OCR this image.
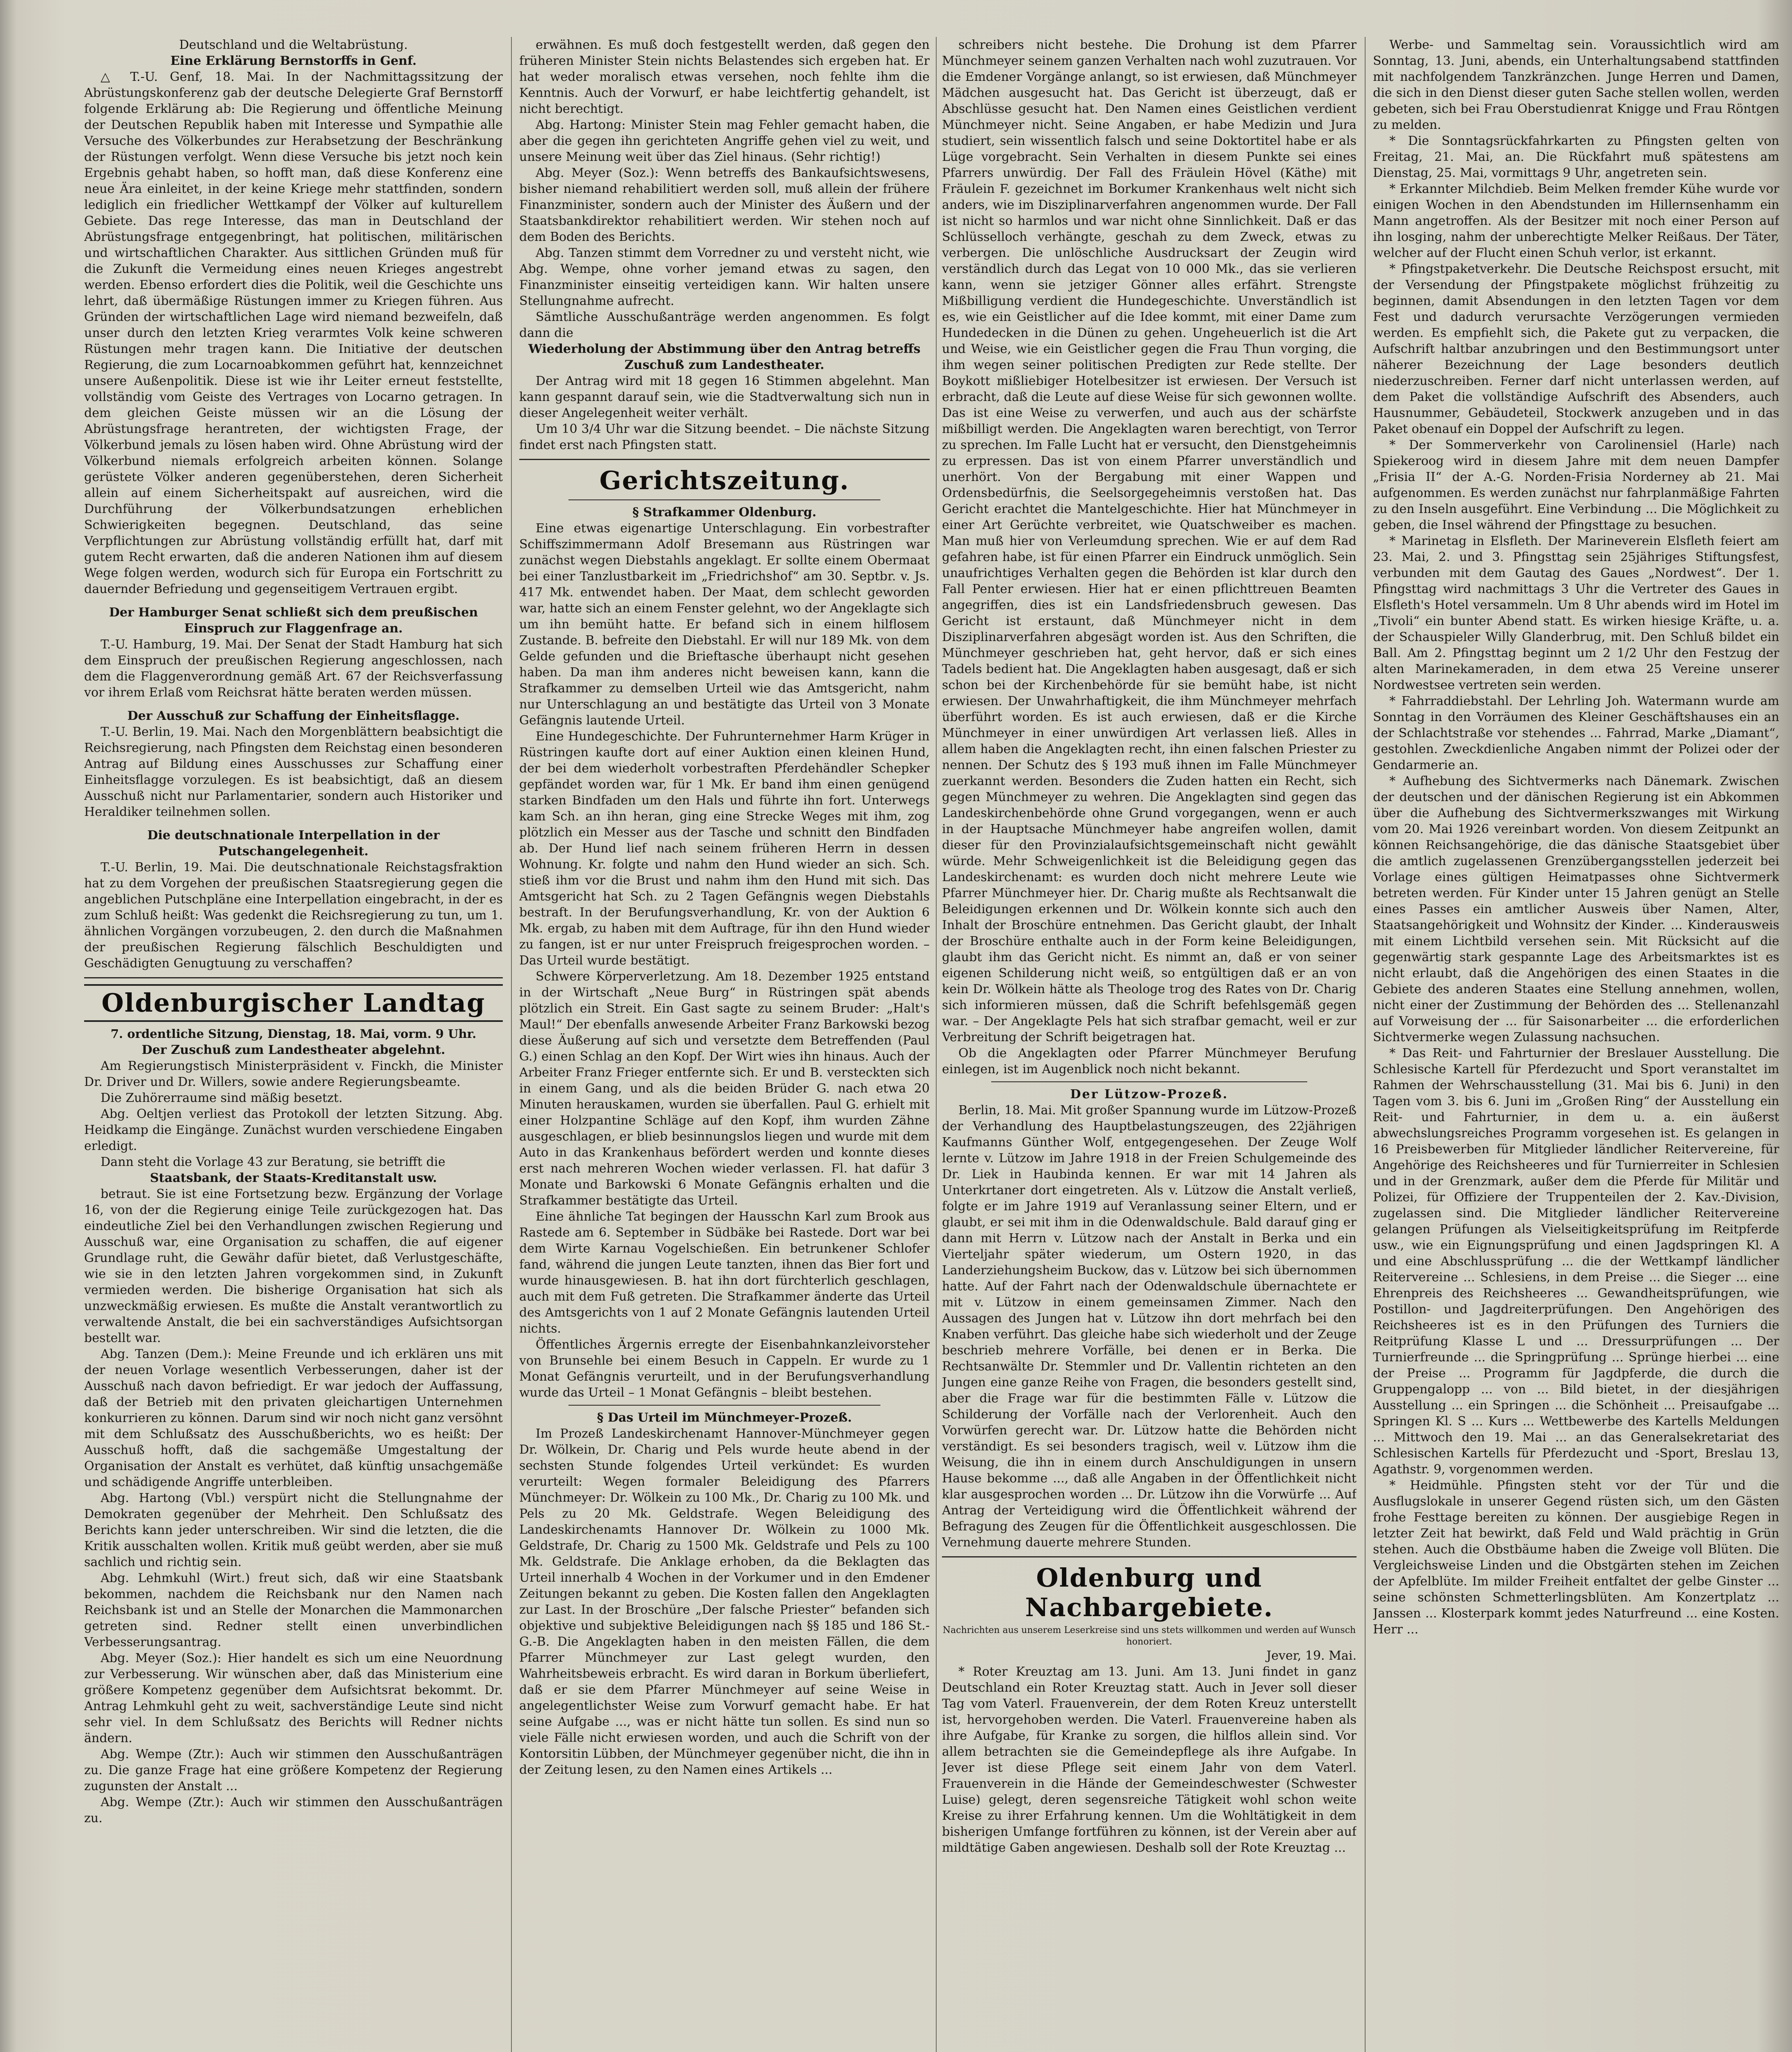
Deutschland und die Weltabrüstung.

Eine Erklärung Bernstorffs in Genf.

△ T.-U. Genf, 18. Mai. In der Nachmittagssitzung der Abrüstungskonferenz gab der deutsche Delegierte Graf Bernstorff folgende Erklärung ab: Die Regierung und öffentliche Meinung der Deutschen Republik haben mit Interesse und Sympathie alle Versuche des Völkerbundes zur Herabsetzung der Beschränkung der Rüstungen verfolgt. Wenn diese Versuche bis jetzt noch kein Ergebnis gehabt haben, so hofft man, daß diese Konferenz eine neue Ära einleitet, in der keine Kriege mehr stattfinden, sondern lediglich ein friedlicher Wettkampf der Völker auf kulturellem Gebiete. Das rege Interesse, das man in Deutschland der Abrüstungsfrage entgegenbringt, hat politischen, militärischen und wirtschaftlichen Charakter. Aus sittlichen Gründen muß für die Zukunft die Vermeidung eines neuen Krieges angestrebt werden. Ebenso erfordert dies die Politik, weil die Geschichte uns lehrt, daß übermäßige Rüstungen immer zu Kriegen führen. Aus Gründen der wirtschaftlichen Lage wird niemand bezweifeln, daß unser durch den letzten Krieg verarmtes Volk keine schweren Rüstungen mehr tragen kann. Die Initiative der deutschen Regierung, die zum Locarnoabkommen geführt hat, kennzeichnet unsere Außenpolitik. Diese ist wie ihr Leiter erneut feststellte, vollständig vom Geiste des Vertrages von Locarno getragen. In dem gleichen Geiste müssen wir an die Lösung der Abrüstungsfrage herantreten, der wichtigsten Frage, der Völkerbund jemals zu lösen haben wird. Ohne Abrüstung wird der Völkerbund niemals erfolgreich arbeiten können. Solange gerüstete Völker anderen gegenüberstehen, deren Sicherheit allein auf einem Sicherheitspakt auf ausreichen, wird die Durchführung der Völkerbundsatzungen erheblichen Schwierigkeiten begegnen. Deutschland, das seine Verpflichtungen zur Abrüstung vollständig erfüllt hat, darf mit gutem Recht erwarten, daß die anderen Nationen ihm auf diesem Wege folgen werden, wodurch sich für Europa ein Fortschritt zu dauernder Befriedung und gegenseitigem Vertrauen ergibt.

Der Hamburger Senat schließt sich dem preußischen Einspruch zur Flaggenfrage an.

T.-U. Hamburg, 19. Mai. Der Senat der Stadt Hamburg hat sich dem Einspruch der preußischen Regierung angeschlossen, nach dem die Flaggenverordnung gemäß Art. 67 der Reichsverfassung vor ihrem Erlaß vom Reichsrat hätte beraten werden müssen.

Der Ausschuß zur Schaffung der Einheitsflagge.

T.-U. Berlin, 19. Mai. Nach den Morgenblättern beabsichtigt die Reichsregierung, nach Pfingsten dem Reichstag einen besonderen Antrag auf Bildung eines Ausschusses zur Schaffung einer Einheitsflagge vorzulegen. Es ist beabsichtigt, daß an diesem Ausschuß nicht nur Parlamentarier, sondern auch Historiker und Heraldiker teilnehmen sollen.

Die deutschnationale Interpellation in der Putschangelegenheit.

T.-U. Berlin, 19. Mai. Die deutschnationale Reichstagsfraktion hat zu dem Vorgehen der preußischen Staatsregierung gegen die angeblichen Putschpläne eine Interpellation eingebracht, in der es zum Schluß heißt: Was gedenkt die Reichsregierung zu tun, um 1. ähnlichen Vorgängen vorzubeugen, 2. den durch die Maßnahmen der preußischen Regierung fälschlich Beschuldigten und Geschädigten Genugtuung zu verschaffen?

Oldenburgischer Landtag

7. ordentliche Sitzung, Dienstag, 18. Mai, vorm. 9 Uhr.

Der Zuschuß zum Landestheater abgelehnt.

Am Regierungstisch Ministerpräsident v. Finckh, die Minister Dr. Driver und Dr. Willers, sowie andere Regierungsbeamte.

Die Zuhörerraume sind mäßig besetzt.

Abg. Oeltjen verliest das Protokoll der letzten Sitzung. Abg. Heidkamp die Eingänge. Zunächst wurden verschiedene Eingaben erledigt.

Dann steht die Vorlage 43 zur Beratung, sie betrifft die

Staatsbank, der Staats-Kreditanstalt usw.

betraut. Sie ist eine Fortsetzung bezw. Ergänzung der Vorlage 16, von der die Regierung einige Teile zurückgezogen hat. Das eindeutliche Ziel bei den Verhandlungen zwischen Regierung und Ausschuß war, eine Organisation zu schaffen, die auf eigener Grundlage ruht, die Gewähr dafür bietet, daß Verlustgeschäfte, wie sie in den letzten Jahren vorgekommen sind, in Zukunft vermieden werden. Die bisherige Organisation hat sich als unzweckmäßig erwiesen. Es mußte die Anstalt verantwortlich zu verwaltende Anstalt, die bei ein sachverständiges Aufsichtsorgan bestellt war.

Abg. Tanzen (Dem.): Meine Freunde und ich erklären uns mit der neuen Vorlage wesentlich Verbesserungen, daher ist der Ausschuß nach davon befriedigt. Er war jedoch der Auffassung, daß der Betrieb mit den privaten gleichartigen Unternehmen konkurrieren zu können. Darum sind wir noch nicht ganz versöhnt mit dem Schlußsatz des Ausschußberichts, wo es heißt: Der Ausschuß hofft, daß die sachgemäße Umgestaltung der Organisation der Anstalt es verhütet, daß künftig unsachgemäße und schädigende Angriffe unterbleiben.

Abg. Hartong (Vbl.) verspürt nicht die Stellungnahme der Demokraten gegenüber der Mehrheit. Den Schlußsatz des Berichts kann jeder unterschreiben. Wir sind die letzten, die die Kritik ausschalten wollen. Kritik muß geübt werden, aber sie muß sachlich und richtig sein.

Abg. Lehmkuhl (Wirt.) freut sich, daß wir eine Staatsbank bekommen, nachdem die Reichsbank nur den Namen nach Reichsbank ist und an Stelle der Monarchen die Mammonarchen getreten sind. Redner stellt einen unverbindlichen Verbesserungsantrag.

Abg. Meyer (Soz.): Hier handelt es sich um eine Neuordnung zur Verbesserung. Wir wünschen aber, daß das Ministerium eine größere Kompetenz gegenüber dem Aufsichtsrat bekommt. Dr. Antrag Lehmkuhl geht zu weit, sachverständige Leute sind nicht sehr viel. In dem Schlußsatz des Berichts will Redner nichts ändern.

Abg. Wempe (Ztr.): Auch wir stimmen den Ausschußanträgen zu. Die ganze Frage hat eine größere Kompetenz der Regierung zugunsten der Anstalt ...

Abg. Wempe (Ztr.): Auch wir stimmen den Ausschußanträgen zu.

erwähnen. Es muß doch festgestellt werden, daß gegen den früheren Minister Stein nichts Belastendes sich ergeben hat. Er hat weder moralisch etwas versehen, noch fehlte ihm die Kenntnis. Auch der Vorwurf, er habe leichtfertig gehandelt, ist nicht berechtigt.

Abg. Hartong: Minister Stein mag Fehler gemacht haben, die aber die gegen ihn gerichteten Angriffe gehen viel zu weit, und unsere Meinung weit über das Ziel hinaus. (Sehr richtig!)

Abg. Meyer (Soz.): Wenn betreffs des Bankaufsichtswesens, bisher niemand rehabilitiert werden soll, muß allein der frühere Finanzminister, sondern auch der Minister des Äußern und der Staatsbankdirektor rehabilitiert werden. Wir stehen noch auf dem Boden des Berichts.

Abg. Tanzen stimmt dem Vorredner zu und versteht nicht, wie Abg. Wempe, ohne vorher jemand etwas zu sagen, den Finanzminister einseitig verteidigen kann. Wir halten unsere Stellungnahme aufrecht.

Sämtliche Ausschußanträge werden angenommen. Es folgt dann die

Wiederholung der Abstimmung über den Antrag betreffs Zuschuß zum Landestheater.

Der Antrag wird mit 18 gegen 16 Stimmen abgelehnt. Man kann gespannt darauf sein, wie die Stadtverwaltung sich nun in dieser Angelegenheit weiter verhält.

Um 10 3/4 Uhr war die Sitzung beendet. – Die nächste Sitzung findet erst nach Pfingsten statt.

Gerichtszeitung.

§ Strafkammer Oldenburg.

Eine etwas eigenartige Unterschlagung. Ein vorbestrafter Schiffszimmermann Adolf Bresemann aus Rüstringen war zunächst wegen Diebstahls angeklagt. Er sollte einem Obermaat bei einer Tanzlustbarkeit im „Friedrichshof“ am 30. Septbr. v. Js. 417 Mk. entwendet haben. Der Maat, dem schlecht geworden war, hatte sich an einem Fenster gelehnt, wo der Angeklagte sich um ihn bemüht hatte. Er befand sich in einem hilflosem Zustande. B. befreite den Diebstahl. Er will nur 189 Mk. von dem Gelde gefunden und die Brieftasche überhaupt nicht gesehen haben. Da man ihm anderes nicht beweisen kann, kann die Strafkammer zu demselben Urteil wie das Amtsgericht, nahm nur Unterschlagung an und bestätigte das Urteil von 3 Monate Gefängnis lautende Urteil.

Eine Hundegeschichte. Der Fuhrunternehmer Harm Krüger in Rüstringen kaufte dort auf einer Auktion einen kleinen Hund, der bei dem wiederholt vorbestraften Pferdehändler Schepker gepfändet worden war, für 1 Mk. Er band ihm einen genügend starken Bindfaden um den Hals und führte ihn fort. Unterwegs kam Sch. an ihn heran, ging eine Strecke Weges mit ihm, zog plötzlich ein Messer aus der Tasche und schnitt den Bindfaden ab. Der Hund lief nach seinem früheren Herrn in dessen Wohnung. Kr. folgte und nahm den Hund wieder an sich. Sch. stieß ihm vor die Brust und nahm ihm den Hund mit sich. Das Amtsgericht hat Sch. zu 2 Tagen Gefängnis wegen Diebstahls bestraft. In der Berufungsverhandlung, Kr. von der Auktion 6 Mk. ergab, zu haben mit dem Auftrage, für ihn den Hund wieder zu fangen, ist er nur unter Freispruch freigesprochen worden. – Das Urteil wurde bestätigt.

Schwere Körperverletzung. Am 18. Dezember 1925 entstand in der Wirtschaft „Neue Burg“ in Rüstringen spät abends plötzlich ein Streit. Ein Gast sagte zu seinem Bruder: „Halt's Maul!“ Der ebenfalls anwesende Arbeiter Franz Barkowski bezog diese Äußerung auf sich und versetzte dem Betreffenden (Paul G.) einen Schlag an den Kopf. Der Wirt wies ihn hinaus. Auch der Arbeiter Franz Frieger entfernte sich. Er und B. versteckten sich in einem Gang, und als die beiden Brüder G. nach etwa 20 Minuten herauskamen, wurden sie überfallen. Paul G. erhielt mit einer Holzpantine Schläge auf den Kopf, ihm wurden Zähne ausgeschlagen, er blieb besinnungslos liegen und wurde mit dem Auto in das Krankenhaus befördert werden und konnte dieses erst nach mehreren Wochen wieder verlassen. Fl. hat dafür 3 Monate und Barkowski 6 Monate Gefängnis erhalten und die Strafkammer bestätigte das Urteil.

Eine ähnliche Tat begingen der Hausschn Karl zum Brook aus Rastede am 6. September in Südbäke bei Rastede. Dort war bei dem Wirte Karnau Vogelschießen. Ein betrunkener Schlofer fand, während die jungen Leute tanzten, ihnen das Bier fort und wurde hinausgewiesen. B. hat ihn dort fürchterlich geschlagen, auch mit dem Fuß getreten. Die Strafkammer änderte das Urteil des Amtsgerichts von 1 auf 2 Monate Gefängnis lautenden Urteil nichts.

Öffentliches Ärgernis erregte der Eisenbahnkanzleivorsteher von Brunsehle bei einem Besuch in Cappeln. Er wurde zu 1 Monat Gefängnis verurteilt, und in der Berufungsverhandlung wurde das Urteil – 1 Monat Gefängnis – bleibt bestehen.

§ Das Urteil im Münchmeyer-Prozeß.

Im Prozeß Landeskirchenamt Hannover-Münchmeyer gegen Dr. Wölkein, Dr. Charig und Pels wurde heute abend in der sechsten Stunde folgendes Urteil verkündet: Es wurden verurteilt: Wegen formaler Beleidigung des Pfarrers Münchmeyer: Dr. Wölkein zu 100 Mk., Dr. Charig zu 100 Mk. und Pels zu 20 Mk. Geldstrafe. Wegen Beleidigung des Landeskirchenamts Hannover Dr. Wölkein zu 1000 Mk. Geldstrafe, Dr. Charig zu 1500 Mk. Geldstrafe und Pels zu 100 Mk. Geldstrafe. Die Anklage erhoben, da die Beklagten das Urteil innerhalb 4 Wochen in der Vorkumer und in den Emdener Zeitungen bekannt zu geben. Die Kosten fallen den Angeklagten zur Last. In der Broschüre „Der falsche Priester“ befanden sich objektive und subjektive Beleidigungen nach §§ 185 und 186 St.-G.-B. Die Angeklagten haben in den meisten Fällen, die dem Pfarrer Münchmeyer zur Last gelegt wurden, den Wahrheitsbeweis erbracht. Es wird daran in Borkum überliefert, daß er sie dem Pfarrer Münchmeyer auf seine Weise in angelegentlichster Weise zum Vorwurf gemacht habe. Er hat seine Aufgabe ..., was er nicht hätte tun sollen. Es sind nun so viele Fälle nicht erwiesen worden, und auch die Schrift von der Kontorsitin Lübben, der Münchmeyer gegenüber nicht, die ihn in der Zeitung lesen, zu den Namen eines Artikels ...

schreibers nicht bestehe. Die Drohung ist dem Pfarrer Münchmeyer seinem ganzen Verhalten nach wohl zuzutrauen. Vor die Emdener Vorgänge anlangt, so ist erwiesen, daß Münchmeyer Mädchen ausgesucht hat. Das Gericht ist überzeugt, daß er Abschlüsse gesucht hat. Den Namen eines Geistlichen verdient Münchmeyer nicht. Seine Angaben, er habe Medizin und Jura studiert, sein wissentlich falsch und seine Doktortitel habe er als Lüge vorgebracht. Sein Verhalten in diesem Punkte sei eines Pfarrers unwürdig. Der Fall des Fräulein Hövel (Käthe) mit Fräulein F. gezeichnet im Borkumer Krankenhaus welt nicht sich anders, wie im Disziplinarverfahren angenommen wurde. Der Fall ist nicht so harmlos und war nicht ohne Sinnlichkeit. Daß er das Schlüsselloch verhängte, geschah zu dem Zweck, etwas zu verbergen. Die unlöschliche Ausdrucksart der Zeugin wird verständlich durch das Legat von 10 000 Mk., das sie verlieren kann, wenn sie jetziger Gönner alles erfährt. Strengste Mißbilligung verdient die Hundegeschichte. Unverständlich ist es, wie ein Geistlicher auf die Idee kommt, mit einer Dame zum Hundedecken in die Dünen zu gehen. Ungeheuerlich ist die Art und Weise, wie ein Geistlicher gegen die Frau Thun vorging, die ihm wegen seiner politischen Predigten zur Rede stellte. Der Boykott mißliebiger Hotelbesitzer ist erwiesen. Der Versuch ist erbracht, daß die Leute auf diese Weise für sich gewonnen wollte. Das ist eine Weise zu verwerfen, und auch aus der schärfste mißbilligt werden. Die Angeklagten waren berechtigt, von Terror zu sprechen. Im Falle Lucht hat er versucht, den Dienstgeheimnis zu erpressen. Das ist von einem Pfarrer unverständlich und unerhört. Von der Bergabung mit einer Wappen und Ordensbedürfnis, die Seelsorgegeheimnis verstoßen hat. Das Gericht erachtet die Mantelgeschichte. Hier hat Münchmeyer in einer Art Gerüchte verbreitet, wie Quatschweiber es machen. Man muß hier von Verleumdung sprechen. Wie er auf dem Rad gefahren habe, ist für einen Pfarrer ein Eindruck unmöglich. Sein unaufrichtiges Verhalten gegen die Behörden ist klar durch den Fall Penter erwiesen. Hier hat er einen pflichttreuen Beamten angegriffen, dies ist ein Landsfriedensbruch gewesen. Das Gericht ist erstaunt, daß Münchmeyer nicht in dem Disziplinarverfahren abgesägt worden ist. Aus den Schriften, die Münchmeyer geschrieben hat, geht hervor, daß er sich eines Tadels bedient hat. Die Angeklagten haben ausgesagt, daß er sich schon bei der Kirchenbehörde für sie bemüht habe, ist nicht erwiesen. Der Unwahrhaftigkeit, die ihm Münchmeyer mehrfach überführt worden. Es ist auch erwiesen, daß er die Kirche Münchmeyer in einer unwürdigen Art verlassen ließ. Alles in allem haben die Angeklagten recht, ihn einen falschen Priester zu nennen. Der Schutz des § 193 muß ihnen im Falle Münchmeyer zuerkannt werden. Besonders die Zuden hatten ein Recht, sich gegen Münchmeyer zu wehren. Die Angeklagten sind gegen das Landeskirchenbehörde ohne Grund vorgegangen, wenn er auch in der Hauptsache Münchmeyer habe angreifen wollen, damit dieser für den Provinzialaufsichtsgemeinschaft nicht gewählt würde. Mehr Schweigenlichkeit ist die Beleidigung gegen das Landeskirchenamt: es wurden doch nicht mehrere Leute wie Pfarrer Münchmeyer hier. Dr. Charig mußte als Rechtsanwalt die Beleidigungen erkennen und Dr. Wölkein konnte sich auch den Inhalt der Broschüre entnehmen. Das Gericht glaubt, der Inhalt der Broschüre enthalte auch in der Form keine Beleidigungen, glaubt ihm das Gericht nicht. Es nimmt an, daß er von seiner eigenen Schilderung nicht weiß, so entgültigen daß er an von kein Dr. Wölkein hätte als Theologe trog des Rates von Dr. Charig sich informieren müssen, daß die Schrift befehlsgemäß gegen war. – Der Angeklagte Pels hat sich strafbar gemacht, weil er zur Verbreitung der Schrift beigetragen hat.

Ob die Angeklagten oder Pfarrer Münchmeyer Berufung einlegen, ist im Augenblick noch nicht bekannt.

Der Lützow-Prozeß.

Berlin, 18. Mai. Mit großer Spannung wurde im Lützow-Prozeß der Verhandlung des Hauptbelastungszeugen, des 22jährigen Kaufmanns Günther Wolf, entgegengesehen. Der Zeuge Wolf lernte v. Lützow im Jahre 1918 in der Freien Schulgemeinde des Dr. Liek in Haubinda kennen. Er war mit 14 Jahren als Unterkrtaner dort eingetreten. Als v. Lützow die Anstalt verließ, folgte er im Jahre 1919 auf Veranlassung seiner Eltern, und er glaubt, er sei mit ihm in die Odenwaldschule. Bald darauf ging er dann mit Herrn v. Lützow nach der Anstalt in Berka und ein Vierteljahr später wiederum, um Ostern 1920, in das Landerziehungsheim Buckow, das v. Lützow bei sich übernommen hatte. Auf der Fahrt nach der Odenwaldschule übernachtete er mit v. Lützow in einem gemeinsamen Zimmer. Nach den Aussagen des Jungen hat v. Lützow ihn dort mehrfach bei den Knaben verführt. Das gleiche habe sich wiederholt und der Zeuge beschrieb mehrere Vorfälle, bei denen er in Berka. Die Rechtsanwälte Dr. Stemmler und Dr. Vallentin richteten an den Jungen eine ganze Reihe von Fragen, die besonders gestellt sind, aber die Frage war für die bestimmten Fälle v. Lützow die Schilderung der Vorfälle nach der Verlorenheit. Auch den Vorwürfen gerecht war. Dr. Lützow hatte die Behörden nicht verständigt. Es sei besonders tragisch, weil v. Lützow ihm die Weisung, die ihn in einem durch Anschuldigungen in unsern Hause bekomme ..., daß alle Angaben in der Öffentlichkeit nicht klar ausgesprochen worden ... Dr. Lützow ihn die Vorwürfe ... Auf Antrag der Verteidigung wird die Öffentlichkeit während der Befragung des Zeugen für die Öffentlichkeit ausgeschlossen. Die Vernehmung dauerte mehrere Stunden.

Oldenburg und Nachbargebiete.

Nachrichten aus unserem Leserkreise sind uns stets willkommen und werden auf Wunsch honoriert.

Jever, 19. Mai.

* Roter Kreuztag am 13. Juni. Am 13. Juni findet in ganz Deutschland ein Roter Kreuztag statt. Auch in Jever soll dieser Tag vom Vaterl. Frauenverein, der dem Roten Kreuz unterstellt ist, hervorgehoben werden. Die Vaterl. Frauenvereine haben als ihre Aufgabe, für Kranke zu sorgen, die hilflos allein sind. Vor allem betrachten sie die Gemeindepflege als ihre Aufgabe. In Jever ist diese Pflege seit einem Jahr von dem Vaterl. Frauenverein in die Hände der Gemeindeschwester (Schwester Luise) gelegt, deren segensreiche Tätigkeit wohl schon weite Kreise zu ihrer Erfahrung kennen. Um die Wohltätigkeit in dem bisherigen Umfange fortführen zu können, ist der Verein aber auf mildtätige Gaben angewiesen. Deshalb soll der Rote Kreuztag ...

Werbe- und Sammeltag sein. Voraussichtlich wird am Sonntag, 13. Juni, abends, ein Unterhaltungsabend stattfinden mit nachfolgendem Tanzkränzchen. Junge Herren und Damen, die sich in den Dienst dieser guten Sache stellen wollen, werden gebeten, sich bei Frau Oberstudienrat Knigge und Frau Röntgen zu melden.

* Die Sonntagsrückfahrkarten zu Pfingsten gelten von Freitag, 21. Mai, an. Die Rückfahrt muß spätestens am Dienstag, 25. Mai, vormittags 9 Uhr, angetreten sein.

* Erkannter Milchdieb. Beim Melken fremder Kühe wurde vor einigen Wochen in den Abendstunden im Hillernsenhamm ein Mann angetroffen. Als der Besitzer mit noch einer Person auf ihn losging, nahm der unberechtigte Melker Reißaus. Der Täter, welcher auf der Flucht einen Schuh verlor, ist erkannt.

* Pfingstpaketverkehr. Die Deutsche Reichspost ersucht, mit der Versendung der Pfingstpakete möglichst frühzeitig zu beginnen, damit Absendungen in den letzten Tagen vor dem Fest und dadurch verursachte Verzögerungen vermieden werden. Es empfiehlt sich, die Pakete gut zu verpacken, die Aufschrift haltbar anzubringen und den Bestimmungsort unter näherer Bezeichnung der Lage besonders deutlich niederzuschreiben. Ferner darf nicht unterlassen werden, auf dem Paket die vollständige Aufschrift des Absenders, auch Hausnummer, Gebäudeteil, Stockwerk anzugeben und in das Paket obenauf ein Doppel der Aufschrift zu legen.

* Der Sommerverkehr von Carolinensiel (Harle) nach Spiekeroog wird in diesem Jahre mit dem neuen Dampfer „Frisia II“ der A.-G. Norden-Frisia Norderney ab 21. Mai aufgenommen. Es werden zunächst nur fahrplanmäßige Fahrten zu den Inseln ausgeführt. Eine Verbindung ... Die Möglichkeit zu geben, die Insel während der Pfingsttage zu besuchen.

* Marinetag in Elsfleth. Der Marineverein Elsfleth feiert am 23. Mai, 2. und 3. Pfingsttag sein 25jähriges Stiftungsfest, verbunden mit dem Gautag des Gaues „Nordwest“. Der 1. Pfingsttag wird nachmittags 3 Uhr die Vertreter des Gaues in Elsfleth's Hotel versammeln. Um 8 Uhr abends wird im Hotel im „Tivoli“ ein bunter Abend statt. Es wirken hiesige Kräfte, u. a. der Schauspieler Willy Glanderbrug, mit. Den Schluß bildet ein Ball. Am 2. Pfingsttag beginnt um 2 1/2 Uhr den Festzug der alten Marinekameraden, in dem etwa 25 Vereine unserer Nordwestsee vertreten sein werden.

* Fahrraddiebstahl. Der Lehrling Joh. Watermann wurde am Sonntag in den Vorräumen des Kleiner Geschäftshauses ein an der Schlachtstraße vor stehendes ... Fahrrad, Marke „Diamant“, gestohlen. Zweckdienliche Angaben nimmt der Polizei oder der Gendarmerie an.

* Aufhebung des Sichtvermerks nach Dänemark. Zwischen der deutschen und der dänischen Regierung ist ein Abkommen über die Aufhebung des Sichtvermerkszwanges mit Wirkung vom 20. Mai 1926 vereinbart worden. Von diesem Zeitpunkt an können Reichsangehörige, die das dänische Staatsgebiet über die amtlich zugelassenen Grenzübergangsstellen jederzeit bei Vorlage eines gültigen Heimatpasses ohne Sichtvermerk betreten werden. Für Kinder unter 15 Jahren genügt an Stelle eines Passes ein amtlicher Ausweis über Namen, Alter, Staatsangehörigkeit und Wohnsitz der Kinder. ... Kinderausweis mit einem Lichtbild versehen sein. Mit Rücksicht auf die gegenwärtig stark gespannte Lage des Arbeitsmarktes ist es nicht erlaubt, daß die Angehörigen des einen Staates in die Gebiete des anderen Staates eine Stellung annehmen, wollen, nicht einer der Zustimmung der Behörden des ... Stellenanzahl auf Vorweisung der ... für Saisonarbeiter ... die erforderlichen Sichtvermerke wegen Zulassung nachsuchen.

* Das Reit- und Fahrturnier der Breslauer Ausstellung. Die Schlesische Kartell für Pferdezucht und Sport veranstaltet im Rahmen der Wehrschausstellung (31. Mai bis 6. Juni) in den Tagen vom 3. bis 6. Juni im „Großen Ring“ der Ausstellung ein Reit- und Fahrturnier, in dem u. a. ein äußerst abwechslungsreiches Programm vorgesehen ist. Es gelangen in 16 Preisbewerben für Mitglieder ländlicher Reitervereine, für Angehörige des Reichsheeres und für Turnierreiter in Schlesien und in der Grenzmark, außer dem die Pferde für Militär und Polizei, für Offiziere der Truppenteilen der 2. Kav.-Division, zugelassen sind. Die Mitglieder ländlicher Reitervereine gelangen Prüfungen als Vielseitigkeitsprüfung im Reitpferde usw., wie ein Eignungsprüfung und einen Jagdspringen Kl. A und eine Abschlussprüfung ... die der Wettkampf ländlicher Reitervereine ... Schlesiens, in dem Preise ... die Sieger ... eine Ehrenpreis des Reichsheeres ... Gewandheitsprüfungen, wie Postillon- und Jagdreiterprüfungen. Den Angehörigen des Reichsheeres ist es in den Prüfungen des Turniers die Reitprüfung Klasse L und ... Dressurprüfungen ... Der Turnierfreunde ... die Springprüfung ... Sprünge hierbei ... eine der Preise ... Programm für Jagdpferde, die durch die Gruppengalopp ... von ... Bild bietet, in der diesjährigen Ausstellung ... ein Springen ... die Schönheit ... Preisaufgabe ... Springen Kl. S ... Kurs ... Wettbewerbe des Kartells Meldungen ... Mittwoch den 19. Mai ... an das Generalsekretariat des Schlesischen Kartells für Pferdezucht und -Sport, Breslau 13, Agathstr. 9, vorgenommen werden.

* Heidmühle. Pfingsten steht vor der Tür und die Ausflugslokale in unserer Gegend rüsten sich, um den Gästen frohe Festtage bereiten zu können. Der ausgiebige Regen in letzter Zeit hat bewirkt, daß Feld und Wald prächtig in Grün stehen. Auch die Obstbäume haben die Zweige voll Blüten. Die Vergleichsweise Linden und die Obstgärten stehen im Zeichen der Apfelblüte. Im milder Freiheit entfaltet der gelbe Ginster ... seine schönsten Schmetterlingsblüten. Am Konzertplatz ... Janssen ... Klosterpark kommt jedes Naturfreund ... eine Kosten. Herr ...
